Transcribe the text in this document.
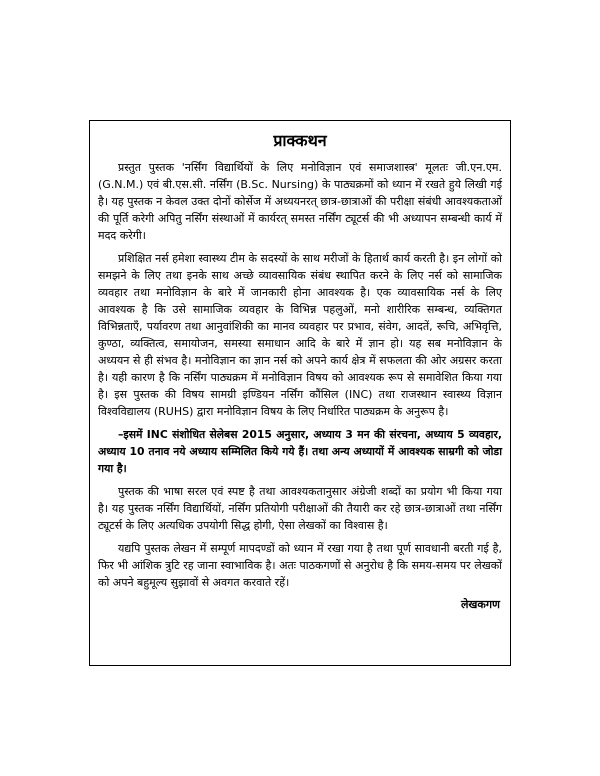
प्राक्कथन

प्रस्तुत पुस्तक 'नर्सिंग विद्यार्थियों के लिए मनोविज्ञान एवं समाजशास्त्र' मूलतः जी.एन.एम. (G.N.M.) एवं बी.एस.सी. नर्सिंग (B.Sc. Nursing) के पाठ्यक्रमों को ध्यान में रखते हुये लिखी गई है। यह पुस्तक न केवल उक्त दोनों कोर्सेज में अध्ययनरत् छात्र-छात्राओं की परीक्षा संबंधी आवश्यकताओं की पूर्ति करेगी अपितु नर्सिंग संस्थाओं में कार्यरत् समस्त नर्सिंग ट्यूटर्स की भी अध्यापन सम्बन्धी कार्य में मदद करेगी।

प्रशिक्षित नर्स हमेशा स्वास्थ्य टीम के सदस्यों के साथ मरीजों के हितार्थ कार्य करती है। इन लोगों को समझने के लिए तथा इनके साथ अच्छे व्यावसायिक संबंध स्थापित करने के लिए नर्स को सामाजिक व्यवहार तथा मनोविज्ञान के बारे में जानकारी होना आवश्यक है। एक व्यावसायिक नर्स के लिए आवश्यक है कि उसे सामाजिक व्यवहार के विभिन्न पहलुओं, मनो शारीरिक सम्बन्ध, व्यक्तिगत विभिन्नताएँ, पर्यावरण तथा आनुवांशिकी का मानव व्यवहार पर प्रभाव, संवेग, आदतें, रूचि, अभिवृत्ति, कुण्ठा, व्यक्तित्व, समायोजन, समस्या समाधान आदि के बारे में ज्ञान हो। यह सब मनोविज्ञान के अध्ययन से ही संभव है। मनोविज्ञान का ज्ञान नर्स को अपने कार्य क्षेत्र में सफलता की ओर अग्रसर करता है। यही कारण है कि नर्सिंग पाठ्यक्रम में मनोविज्ञान विषय को आवश्यक रूप से समावेशित किया गया है। इस पुस्तक की विषय सामग्री इण्डियन नर्सिंग कौंसिल (INC) तथा राजस्थान स्वास्थ्य विज्ञान विश्वविद्यालय (RUHS) द्वारा मनोविज्ञान विषय के लिए निर्धारित पाठ्यक्रम के अनुरूप है।

–इसमें INC संशोधित सेलेबस 2015 अनुसार, अध्याय 3 मन की संरचना, अध्याय 5 व्यवहार, अध्याय 10 तनाव नये अध्याय सम्मिलित किये गये हैं। तथा अन्य अध्यायों में आवश्यक साम्रगी को जोडा गया है।

पुस्तक की भाषा सरल एवं स्पष्ट है तथा आवश्यकतानुसार अंग्रेजी शब्दों का प्रयोग भी किया गया है। यह पुस्तक नर्सिंग विद्यार्थियों, नर्सिंग प्रतियोगी परीक्षाओं की तैयारी कर रहे छात्र-छात्राओं तथा नर्सिंग ट्यूटर्स के लिए अत्यधिक उपयोगी सिद्ध होगी, ऐसा लेखकों का विश्वास है।

यद्यपि पुस्तक लेखन में सम्पूर्ण मापदण्डों को ध्यान में रखा गया है तथा पूर्ण सावधानी बरती गई है, फिर भी आंशिक त्रुटि रह जाना स्वाभाविक है। अतः पाठकगणों से अनुरोध है कि समय-समय पर लेखकों को अपने बहुमूल्य सुझावों से अवगत करवाते रहें।

लेखकगण
